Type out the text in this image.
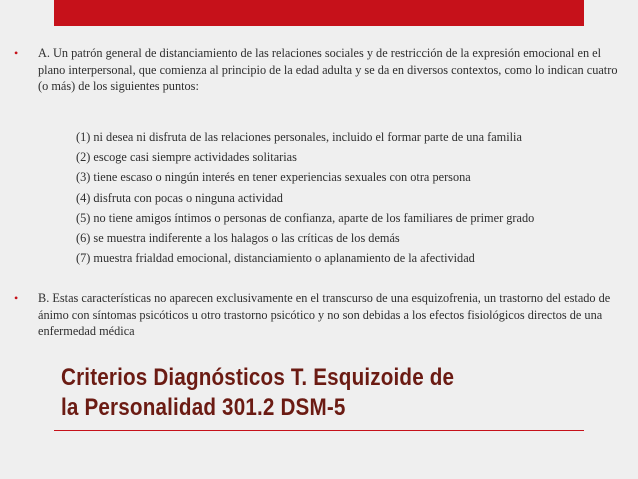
•	A. Un patrón general de distanciamiento de las relaciones sociales y de restricción de la expresión emocional en el plano interpersonal, que comienza al principio de la edad adulta y se da en diversos contextos, como lo indican cuatro (o más) de los siguientes puntos:
(1) ni desea ni disfruta de las relaciones personales, incluido el formar parte de una familia
(2) escoge casi siempre actividades solitarias
(3) tiene escaso o ningún interés en tener experiencias sexuales con otra persona
(4) disfruta con pocas o ninguna actividad
(5) no tiene amigos íntimos o personas de confianza, aparte de los familiares de primer grado
(6) se muestra indiferente a los halagos o las críticas de los demás
(7) muestra frialdad emocional, distanciamiento o aplanamiento de la afectividad
•	B. Estas características no aparecen exclusivamente en el transcurso de una esquizofrenia, un trastorno del estado de ánimo con síntomas psicóticos u otro trastorno psicótico y no son debidas a los efectos fisiológicos directos de una enfermedad médica
Criterios Diagnósticos T. Esquizoide de
la Personalidad 301.2 DSM-5
